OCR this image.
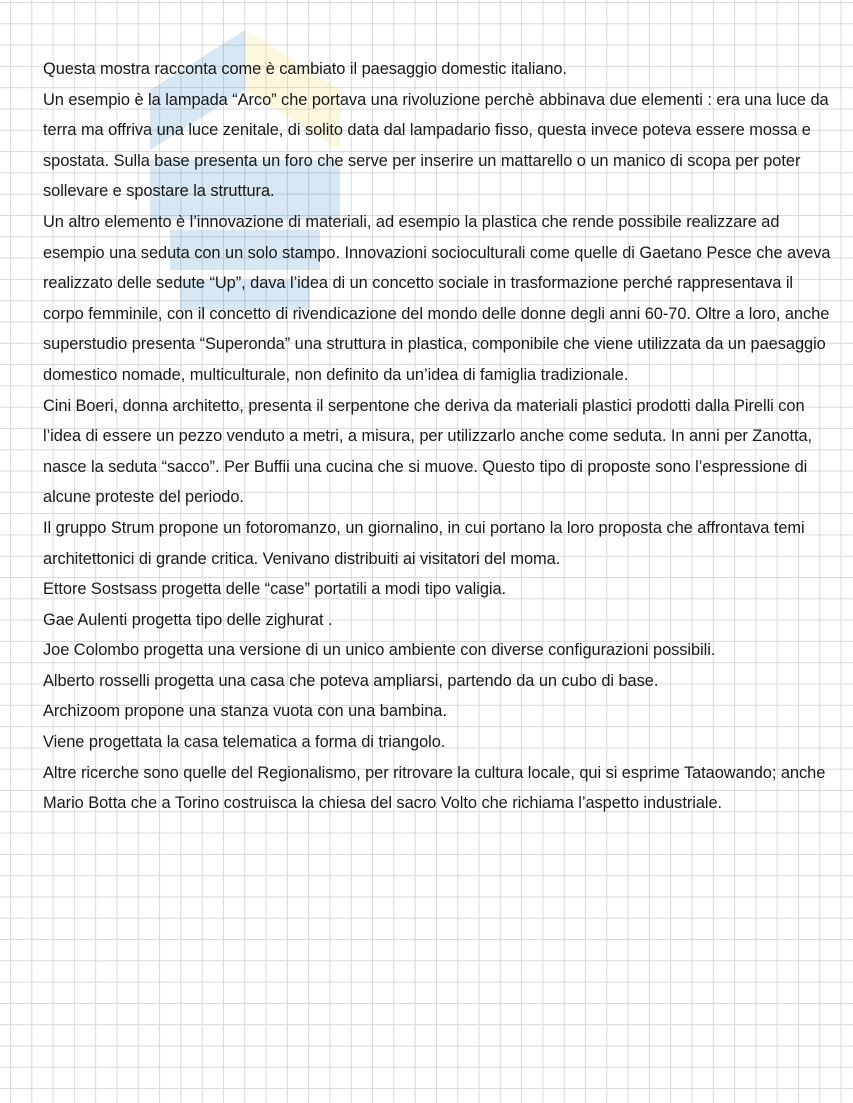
Questa mostra racconta come è cambiato il paesaggio domestic italiano.

Un esempio è la lampada “Arco” che portava una rivoluzione perchè abbinava due elementi : era una luce da terra ma offriva una luce zenitale, di solito data dal lampadario fisso, questa invece poteva essere mossa e spostata. Sulla base presenta un foro che serve per inserire un mattarello o un manico di scopa per poter sollevare e spostare la struttura.

Un altro elemento è l’innovazione di materiali, ad esempio la plastica che rende possibile realizzare ad esempio una seduta con un solo stampo. Innovazioni socioculturali come quelle di Gaetano Pesce che aveva realizzato delle sedute “Up”, dava l’idea di un concetto sociale in trasformazione perché rappresentava il corpo femminile, con il concetto di rivendicazione del mondo delle donne degli anni 60-70. Oltre a loro, anche superstudio presenta “Superonda” una struttura in plastica, componibile che viene utilizzata da un paesaggio domestico nomade, multiculturale, non definito da un’idea di famiglia tradizionale.

Cini Boeri, donna architetto, presenta il serpentone che deriva da materiali plastici prodotti dalla Pirelli con l’idea di essere un pezzo venduto a metri, a misura, per utilizzarlo anche come seduta. In anni per Zanotta, nasce la seduta “sacco”. Per Buffii una cucina che si muove. Questo tipo di proposte sono l’espressione di alcune proteste del periodo.

Il gruppo Strum propone un fotoromanzo, un giornalino, in cui portano la loro proposta che affrontava temi architettonici di grande critica. Venivano distribuiti ai visitatori del moma.

Ettore Sostsass progetta delle “case” portatili a modi tipo valigia.

Gae Aulenti progetta tipo delle zighurat .

Joe Colombo progetta una versione di un unico ambiente con diverse configurazioni possibili.

Alberto rosselli progetta una casa che poteva ampliarsi, partendo da un cubo di base.

Archizoom propone una stanza vuota con una bambina.

Viene progettata la casa telematica a forma di triangolo.

Altre ricerche sono quelle del Regionalismo, per ritrovare la cultura locale, qui si esprime Tataowando; anche Mario Botta che a Torino costruisca la chiesa del sacro Volto che richiama l’aspetto industriale.
